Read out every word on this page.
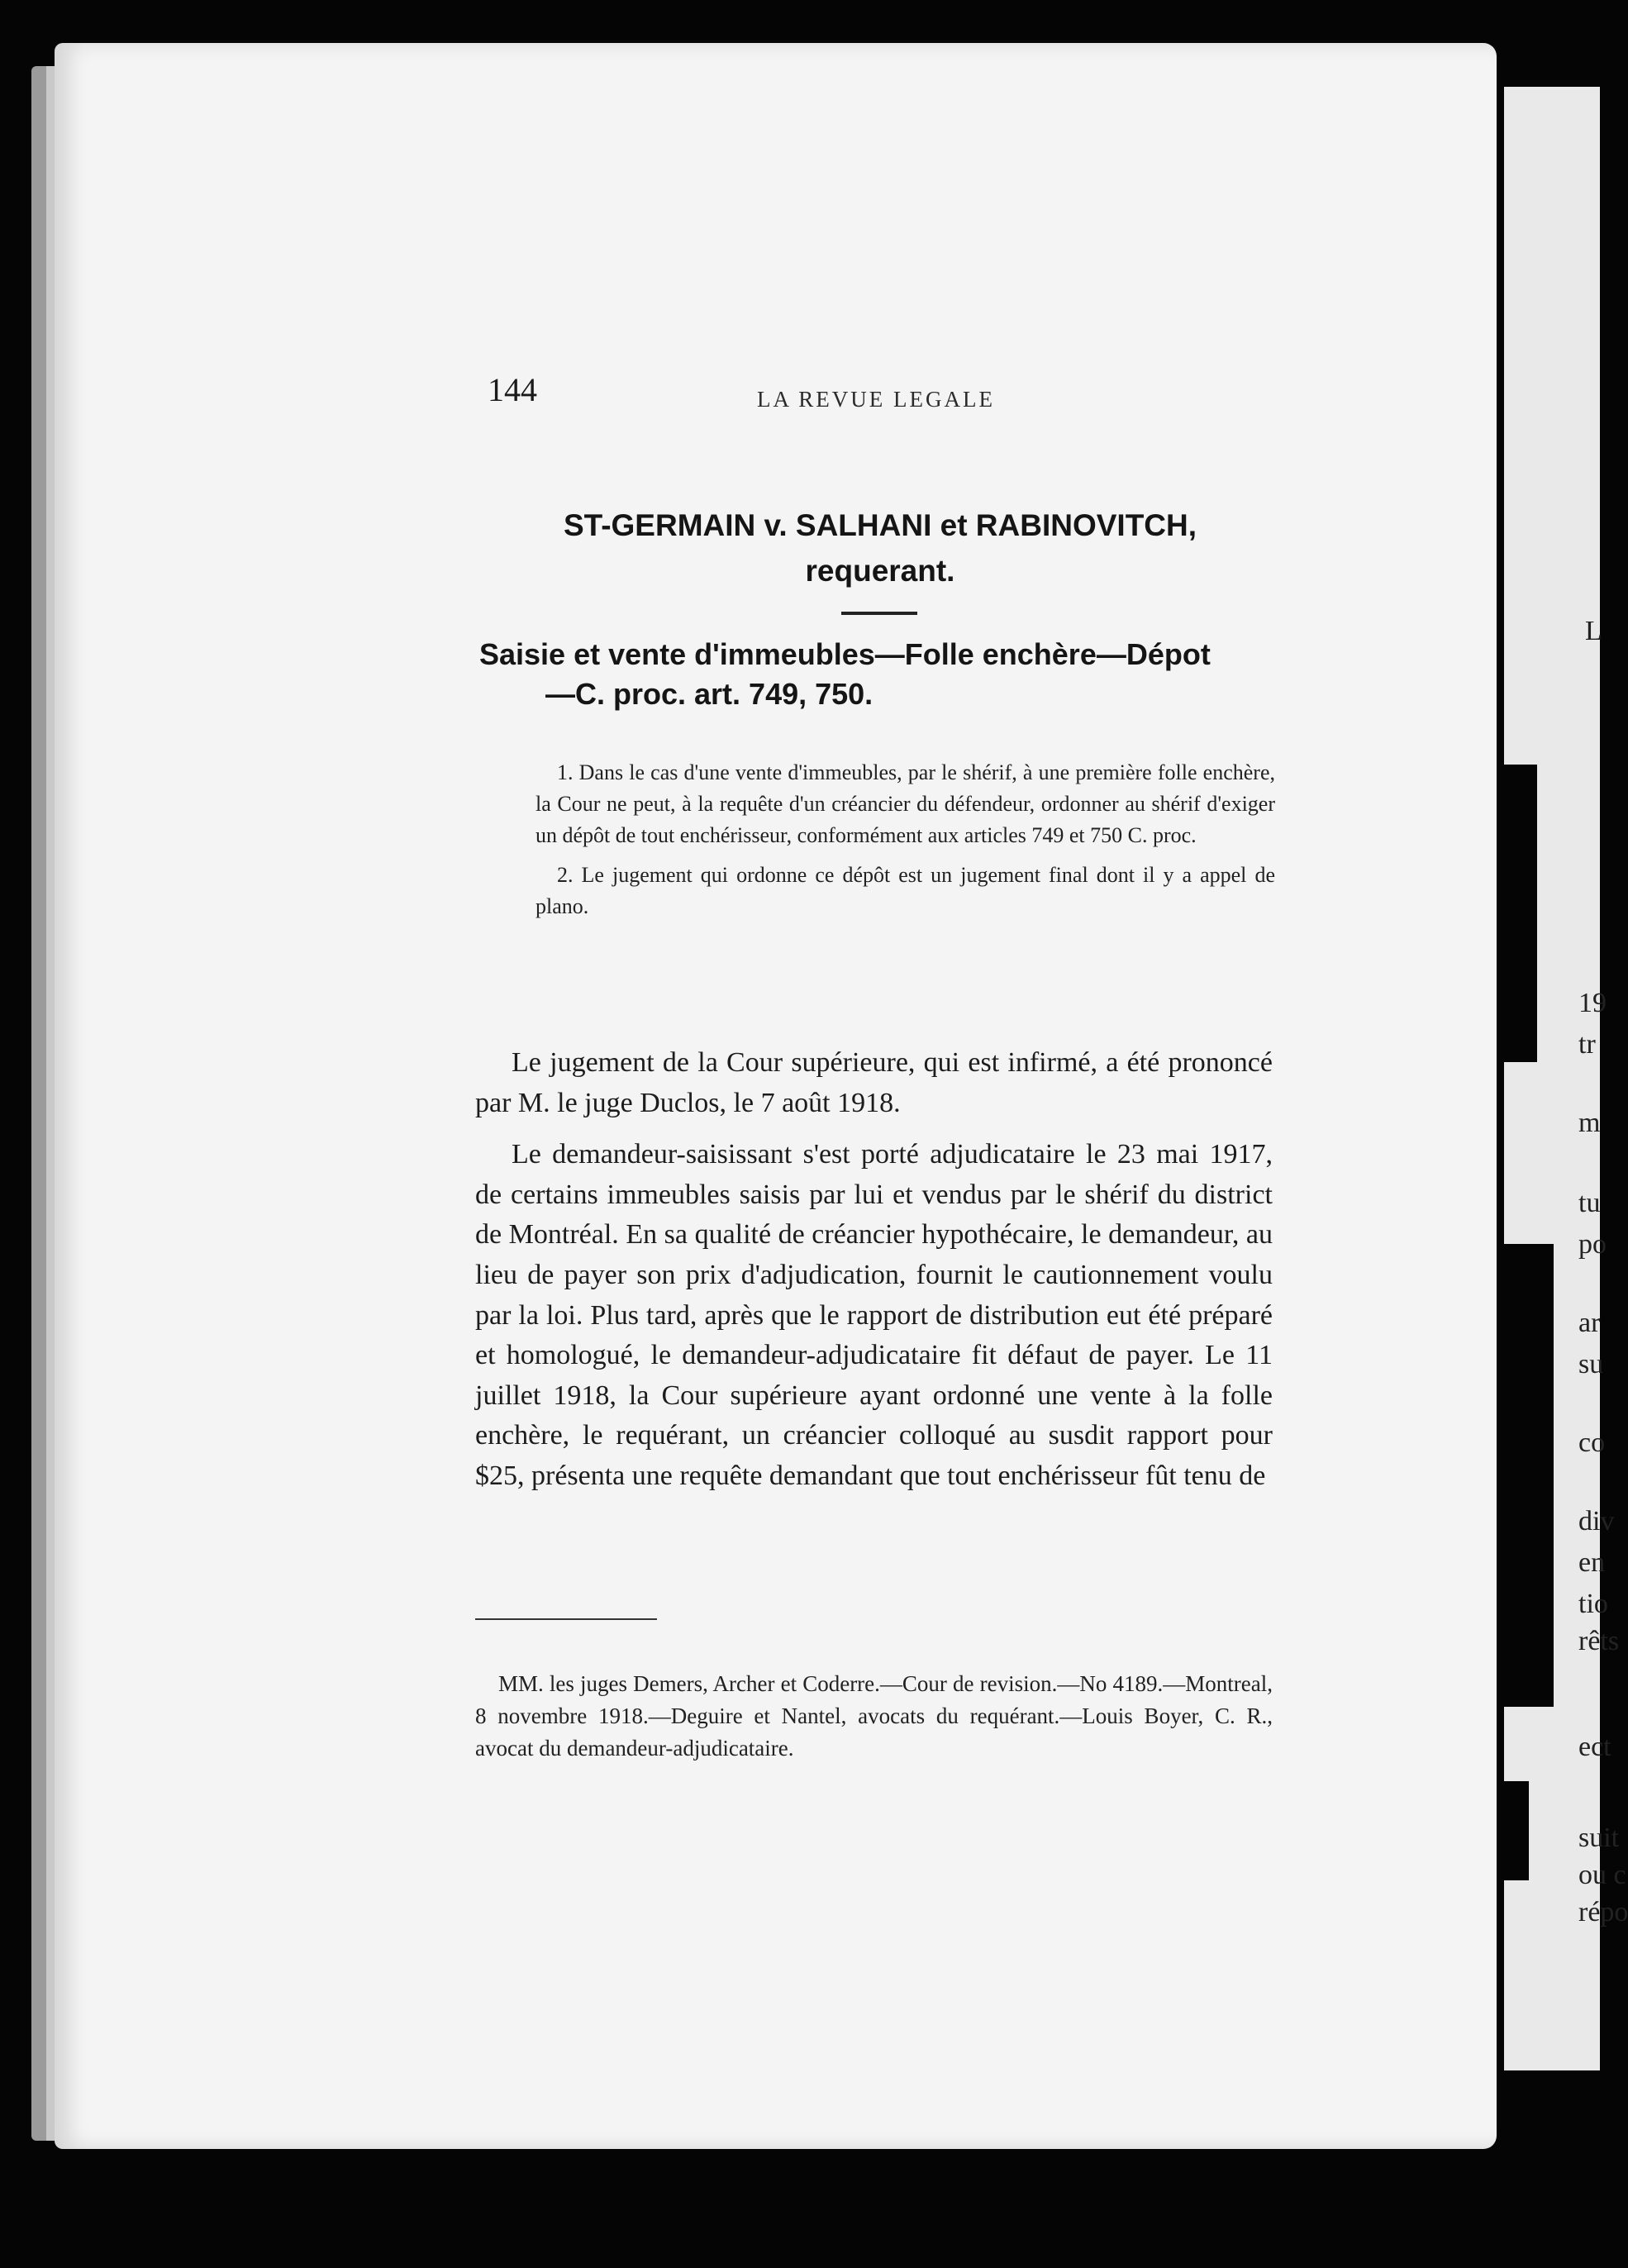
L
19
tr
m
tu
po
ar
su
co
div
en
tio
rêts
ect
suit
ou c
répo
144	LA REVUE LEGALE
ST-GERMAIN v. SALHANI et RABINOVITCH,
requerant.
Saisie et vente d'immeubles—Folle enchère—Dépot
—C. proc. art. 749, 750.

1. Dans le cas d'une vente d'immeubles, par le shérif, à une première folle enchère, la Cour ne peut, à la requête d'un créancier du défendeur, ordonner au shérif d'exiger un dépôt de tout enchérisseur, conformément aux articles 749 et 750 C. proc.

2. Le jugement qui ordonne ce dépôt est un jugement final dont il y a appel de plano.

Le jugement de la Cour supérieure, qui est infirmé, a été prononcé par M. le juge Duclos, le 7 août 1918.

Le demandeur-saisissant s'est porté adjudicataire le 23 mai 1917, de certains immeubles saisis par lui et vendus par le shérif du district de Montréal. En sa qualité de créancier hypothécaire, le demandeur, au lieu de payer son prix d'adjudication, fournit le cautionnement voulu par la loi. Plus tard, après que le rapport de distribution eut été préparé et homologué, le demandeur-adjudicataire fit défaut de payer. Le 11 juillet 1918, la Cour supérieure ayant ordonné une vente à la folle enchère, le requérant, un créancier colloqué au susdit rapport pour $25, présenta une requête demandant que tout enchérisseur fût tenu de

MM. les juges Demers, Archer et Coderre.—Cour de revision.—No 4189.—Montreal, 8 novembre 1918.—Deguire et Nantel, avocats du requérant.—Louis Boyer, C. R., avocat du demandeur-adjudicataire.
